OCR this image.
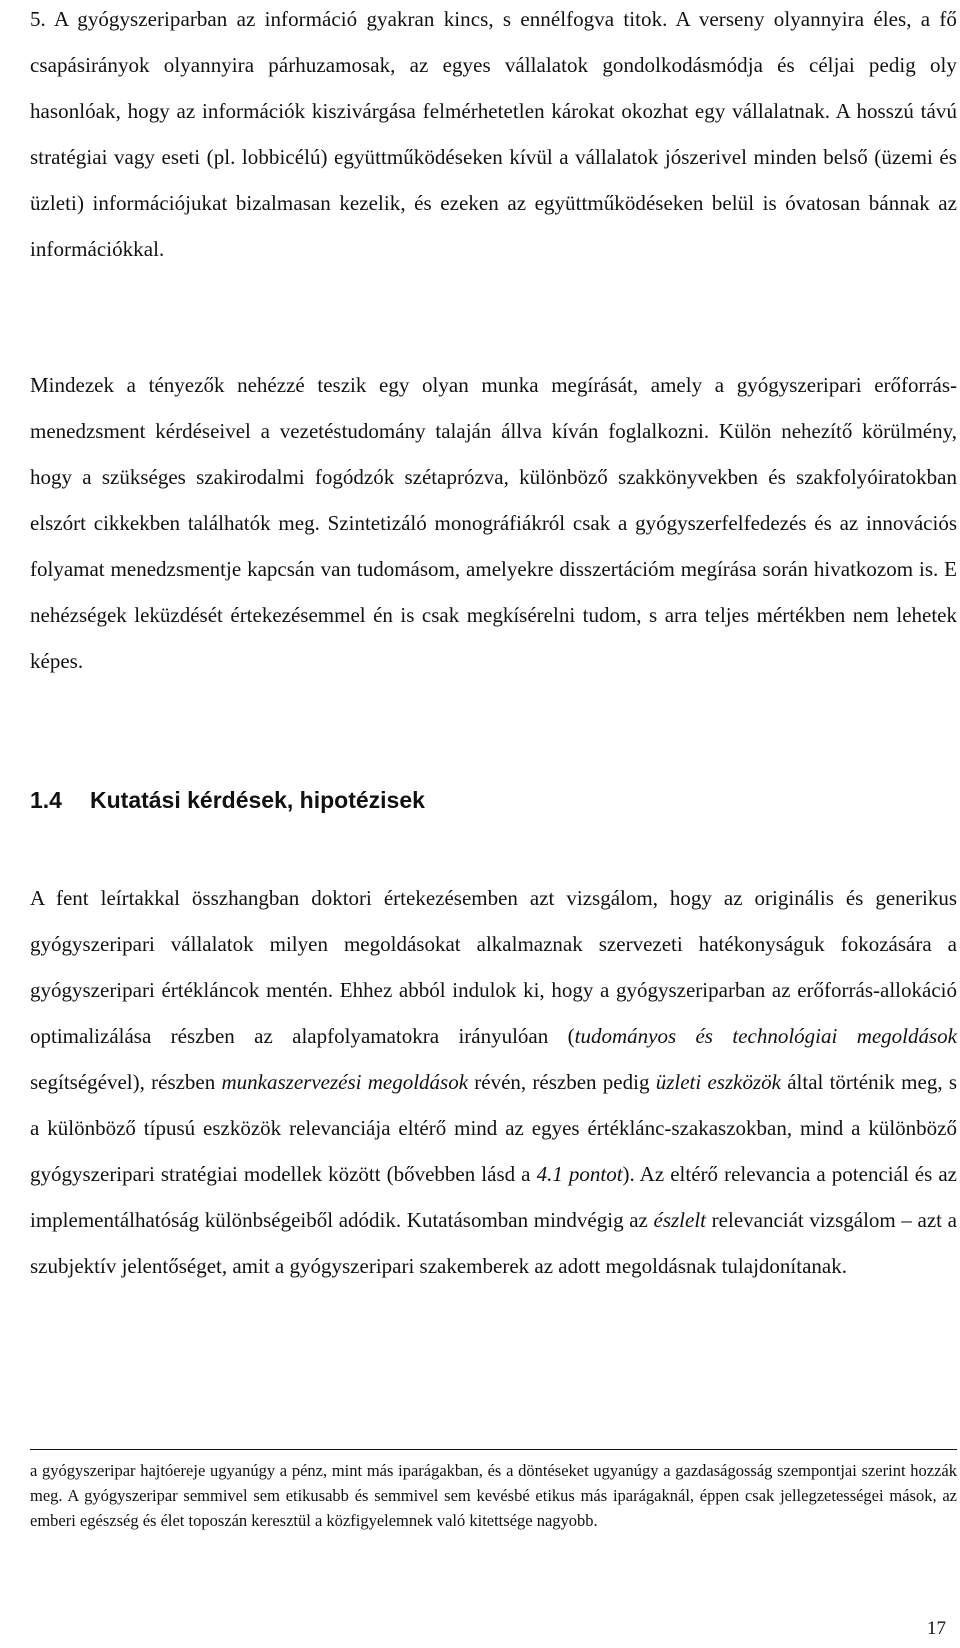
5. A gyógyszeriparban az információ gyakran kincs, s ennélfogva titok. A verseny olyannyira éles, a fő csapásirányok olyannyira párhuzamosak, az egyes vállalatok gondolkodásmódja és céljai pedig oly hasonlóak, hogy az információk kiszivárgása felmérhetetlen károkat okozhat egy vállalatnak. A hosszú távú stratégiai vagy eseti (pl. lobbicélú) együttműködéseken kívül a vállalatok jószerivel minden belső (üzemi és üzleti) információjukat bizalmasan kezelik, és ezeken az együttműködéseken belül is óvatosan bánnak az információkkal.

Mindezek a tényezők nehézzé teszik egy olyan munka megírását, amely a gyógyszeripari erőforrás-menedzsment kérdéseivel a vezetéstudomány talaján állva kíván foglalkozni. Külön nehezítő körülmény, hogy a szükséges szakirodalmi fogódzók szétaprózva, különböző szakkönyvekben és szakfolyóiratokban elszórt cikkekben találhatók meg. Szintetizáló monográfiákról csak a gyógyszerfelfedezés és az innovációs folyamat menedzsmentje kapcsán van tudomásom, amelyekre disszertációm megírása során hivatkozom is. E nehézségek leküzdését értekezésemmel én is csak megkísérelni tudom, s arra teljes mértékben nem lehetek képes.

1.4 Kutatási kérdések, hipotézisek

A fent leírtakkal összhangban doktori értekezésemben azt vizsgálom, hogy az originális és generikus gyógyszeripari vállalatok milyen megoldásokat alkalmaznak szervezeti hatékonyságuk fokozására a gyógyszeripari értékláncok mentén. Ehhez abból indulok ki, hogy a gyógyszeriparban az erőforrás-allokáció optimalizálása részben az alapfolyamatokra irányulóan (tudományos és technológiai megoldások segítségével), részben munkaszervezési megoldások révén, részben pedig üzleti eszközök által történik meg, s a különböző típusú eszközök relevanciája eltérő mind az egyes értéklánc-szakaszokban, mind a különböző gyógyszeripari stratégiai modellek között (bővebben lásd a 4.1 pontot). Az eltérő relevancia a potenciál és az implementálhatóság különbségeiből adódik. Kutatásomban mindvégig az észlelt relevanciát vizsgálom – azt a szubjektív jelentőséget, amit a gyógyszeripari szakemberek az adott megoldásnak tulajdonítanak.

a gyógyszeripar hajtóereje ugyanúgy a pénz, mint más iparágakban, és a döntéseket ugyanúgy a gazdaságosság szempontjai szerint hozzák meg. A gyógyszeripar semmivel sem etikusabb és semmivel sem kevésbé etikus más iparágaknál, éppen csak jellegzetességei mások, az emberi egészség és élet toposzán keresztül a közfigyelemnek való kitettsége nagyobb.

17
